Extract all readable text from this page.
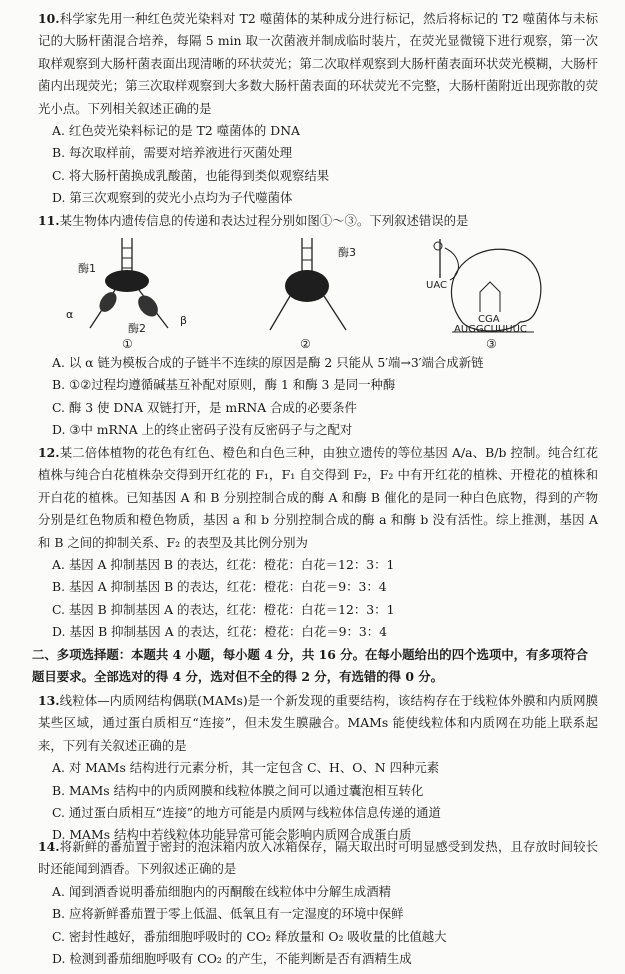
10.科学家先用一种红色荧光染料对 T2 噬菌体的某种成分进行标记，然后将标记的 T2 噬菌体与未标记的大肠杆菌混合培养，每隔 5 min 取一次菌液并制成临时装片，在荧光显微镜下进行观察，第一次取样观察到大肠杆菌表面出现清晰的环状荧光；第二次取样观察到大肠杆菌表面环状荧光模糊，大肠杆菌内出现荧光；第三次取样观察到大多数大肠杆菌表面的环状荧光不完整，大肠杆菌附近出现弥散的荧光小点。下列相关叙述正确的是

A. 红色荧光染料标记的是 T2 噬菌体的 DNA

B. 每次取样前，需要对培养液进行灭菌处理

C. 将大肠杆菌换成乳酸菌，也能得到类似观察结果

D. 第三次观察到的荧光小点均为子代噬菌体

11.某生物体内遗传信息的传递和表达过程分别如图①～③。下列叙述错误的是

酶1
α
酶2
β
①
酶3
②
UAC
CGA
AUGGCUUUUC
③

A. 以 α 链为模板合成的子链半不连续的原因是酶 2 只能从 5′端→3′端合成新链

B. ①②过程均遵循碱基互补配对原则，酶 1 和酶 3 是同一种酶

C. 酶 3 使 DNA 双链打开，是 mRNA 合成的必要条件

D. ③中 mRNA 上的终止密码子没有反密码子与之配对

12.某二倍体植物的花色有红色、橙色和白色三种，由独立遗传的等位基因 A/a、B/b 控制。纯合红花植株与纯合白花植株杂交得到开红花的 F₁，F₁ 自交得到 F₂，F₂ 中有开红花的植株、开橙花的植株和开白花的植株。已知基因 A 和 B 分别控制合成的酶 A 和酶 B 催化的是同一种白色底物，得到的产物分别是红色物质和橙色物质，基因 a 和 b 分别控制合成的酶 a 和酶 b 没有活性。综上推测，基因 A 和 B 之间的抑制关系、F₂ 的表型及其比例分别为

A. 基因 A 抑制基因 B 的表达，红花：橙花：白花＝12：3：1

B. 基因 A 抑制基因 B 的表达，红花：橙花：白花＝9：3：4

C. 基因 B 抑制基因 A 的表达，红花：橙花：白花＝12：3：1

D. 基因 B 抑制基因 A 的表达，红花：橙花：白花＝9：3：4

二、多项选择题：本题共 4 小题，每小题 4 分，共 16 分。在每小题给出的四个选项中，有多项符合题目要求。全部选对的得 4 分，选对但不全的得 2 分，有选错的得 0 分。

13.线粒体—内质网结构偶联(MAMs)是一个新发现的重要结构，该结构存在于线粒体外膜和内质网膜某些区域，通过蛋白质相互“连接”，但未发生膜融合。MAMs 能使线粒体和内质网在功能上联系起来，下列有关叙述正确的是

A. 对 MAMs 结构进行元素分析，其一定包含 C、H、O、N 四种元素

B. MAMs 结构中的内质网膜和线粒体膜之间可以通过囊泡相互转化

C. 通过蛋白质相互“连接”的地方可能是内质网与线粒体信息传递的通道

D. MAMs 结构中若线粒体功能异常可能会影响内质网合成蛋白质

14.将新鲜的番茄置于密封的泡沫箱内放入冰箱保存，隔天取出时可明显感受到发热，且存放时间较长时还能闻到酒香。下列叙述正确的是

A. 闻到酒香说明番茄细胞内的丙酮酸在线粒体中分解生成酒精

B. 应将新鲜番茄置于零上低温、低氧且有一定湿度的环境中保鲜

C. 密封性越好，番茄细胞呼吸时的 CO₂ 释放量和 O₂ 吸收量的比值越大

D. 检测到番茄细胞呼吸有 CO₂ 的产生，不能判断是否有酒精生成
